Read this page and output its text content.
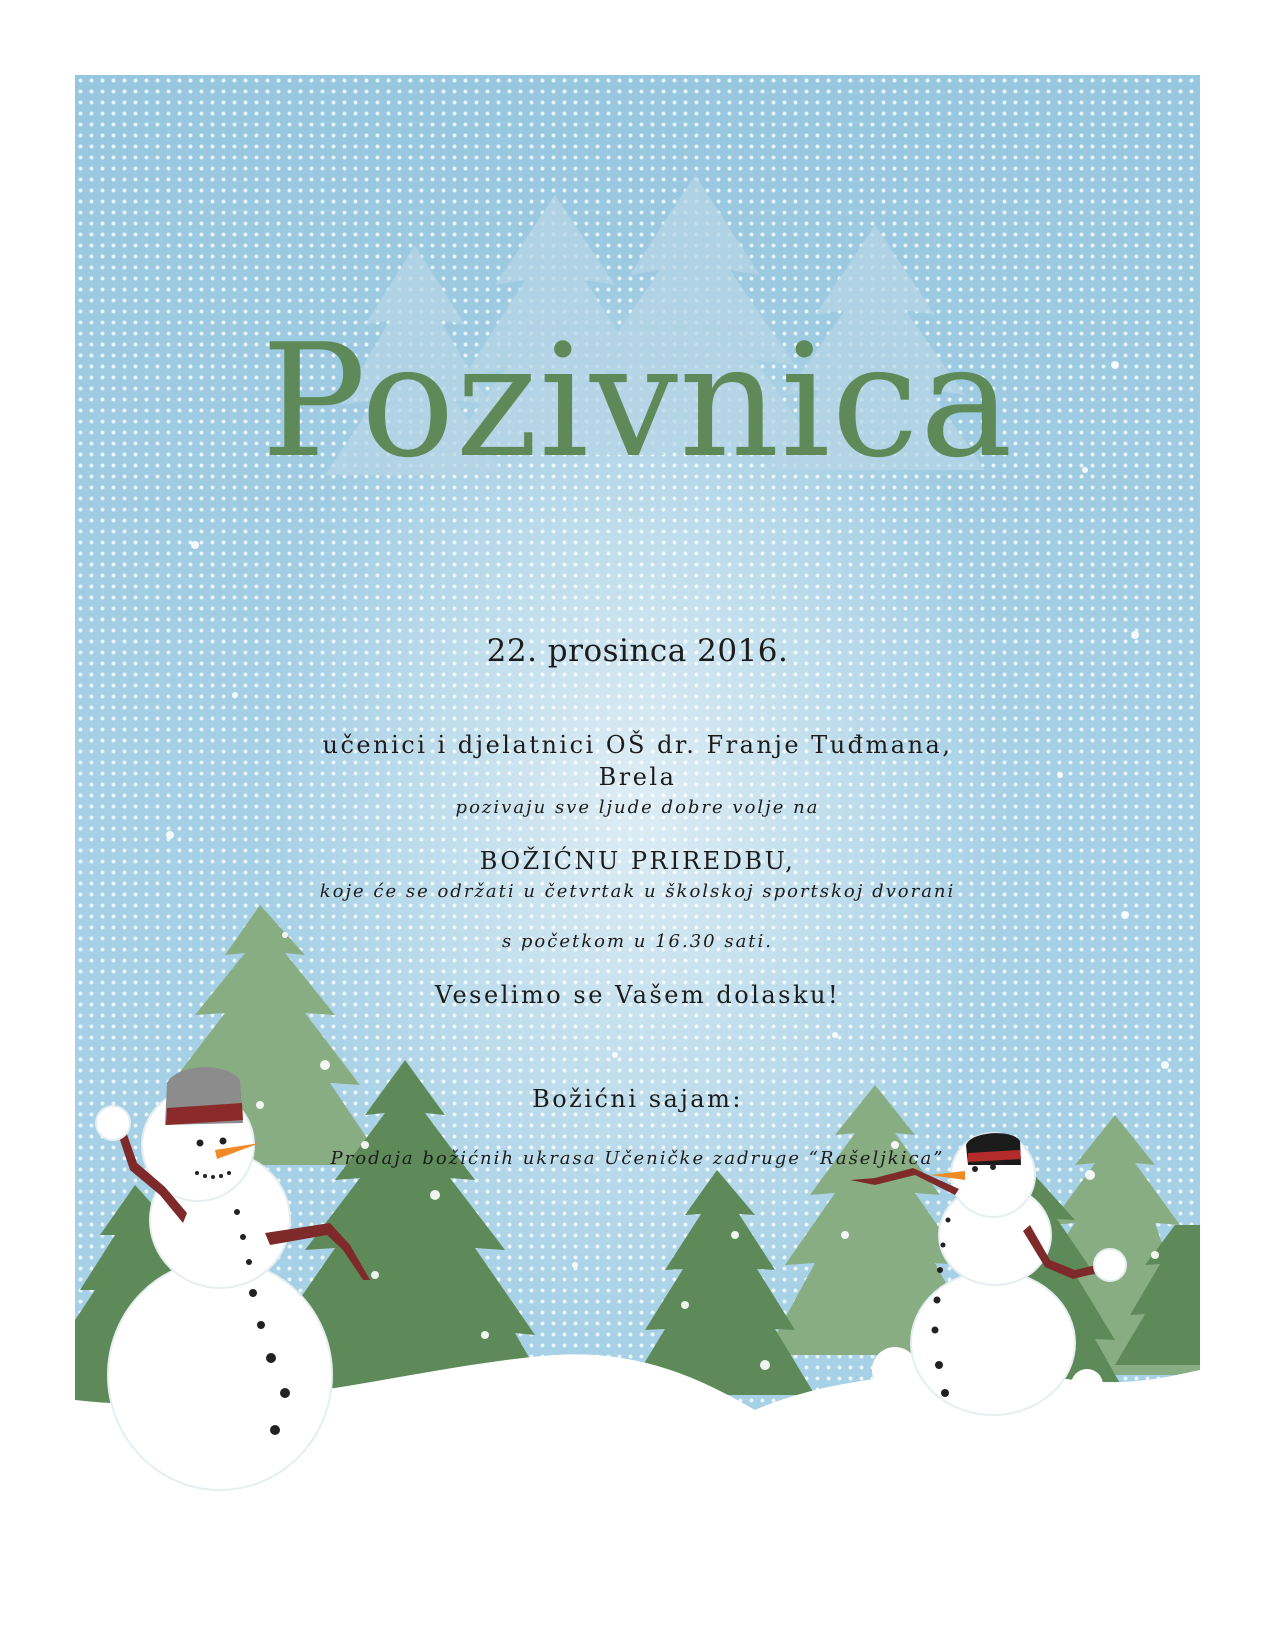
Pozivnica

22. prosinca 2016.

učenici i djelatnici OŠ dr. Franje Tuđmana,

Brela

pozivaju sve ljude dobre volje na

BOŽIĆNU PRIREDBU,

koje će se održati u četvrtak u školskoj sportskoj dvorani

s početkom u 16.30 sati.

Veselimo se Vašem dolasku!

Božićni sajam:

Prodaja božićnih ukrasa Učeničke zadruge “Rašeljkica”
